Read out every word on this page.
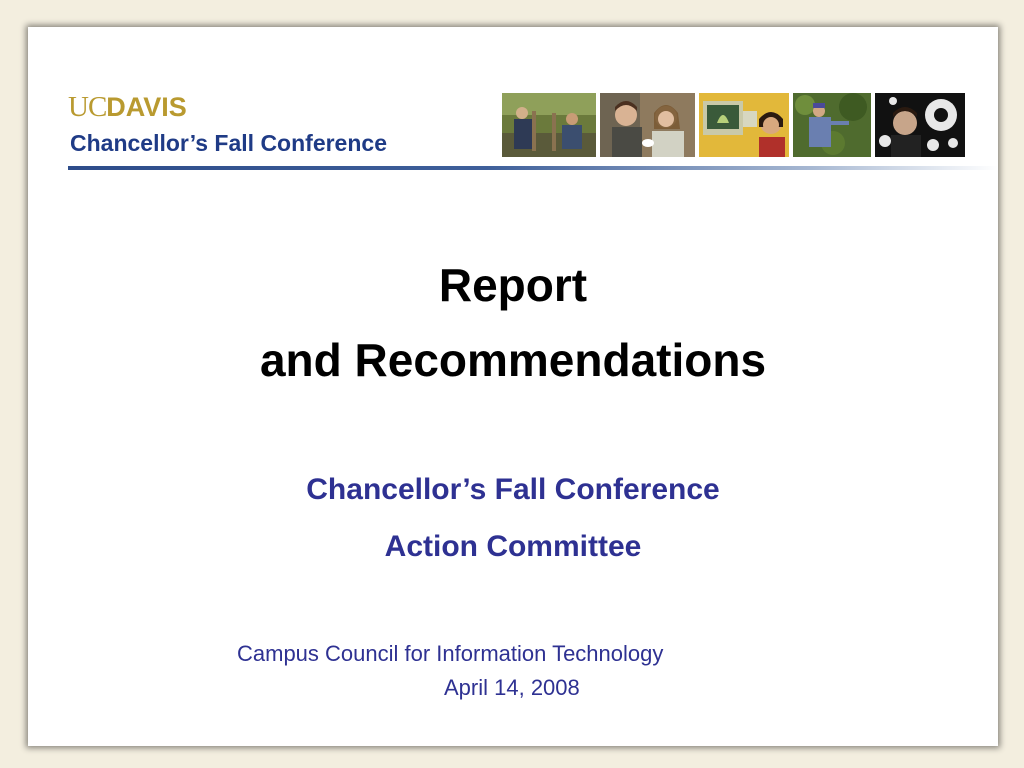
UCDAVIS
Chancellor’s Fall Conference
Report
and Recommendations
Chancellor’s Fall Conference
Action Committee
Campus Council for Information Technology
April 14, 2008
